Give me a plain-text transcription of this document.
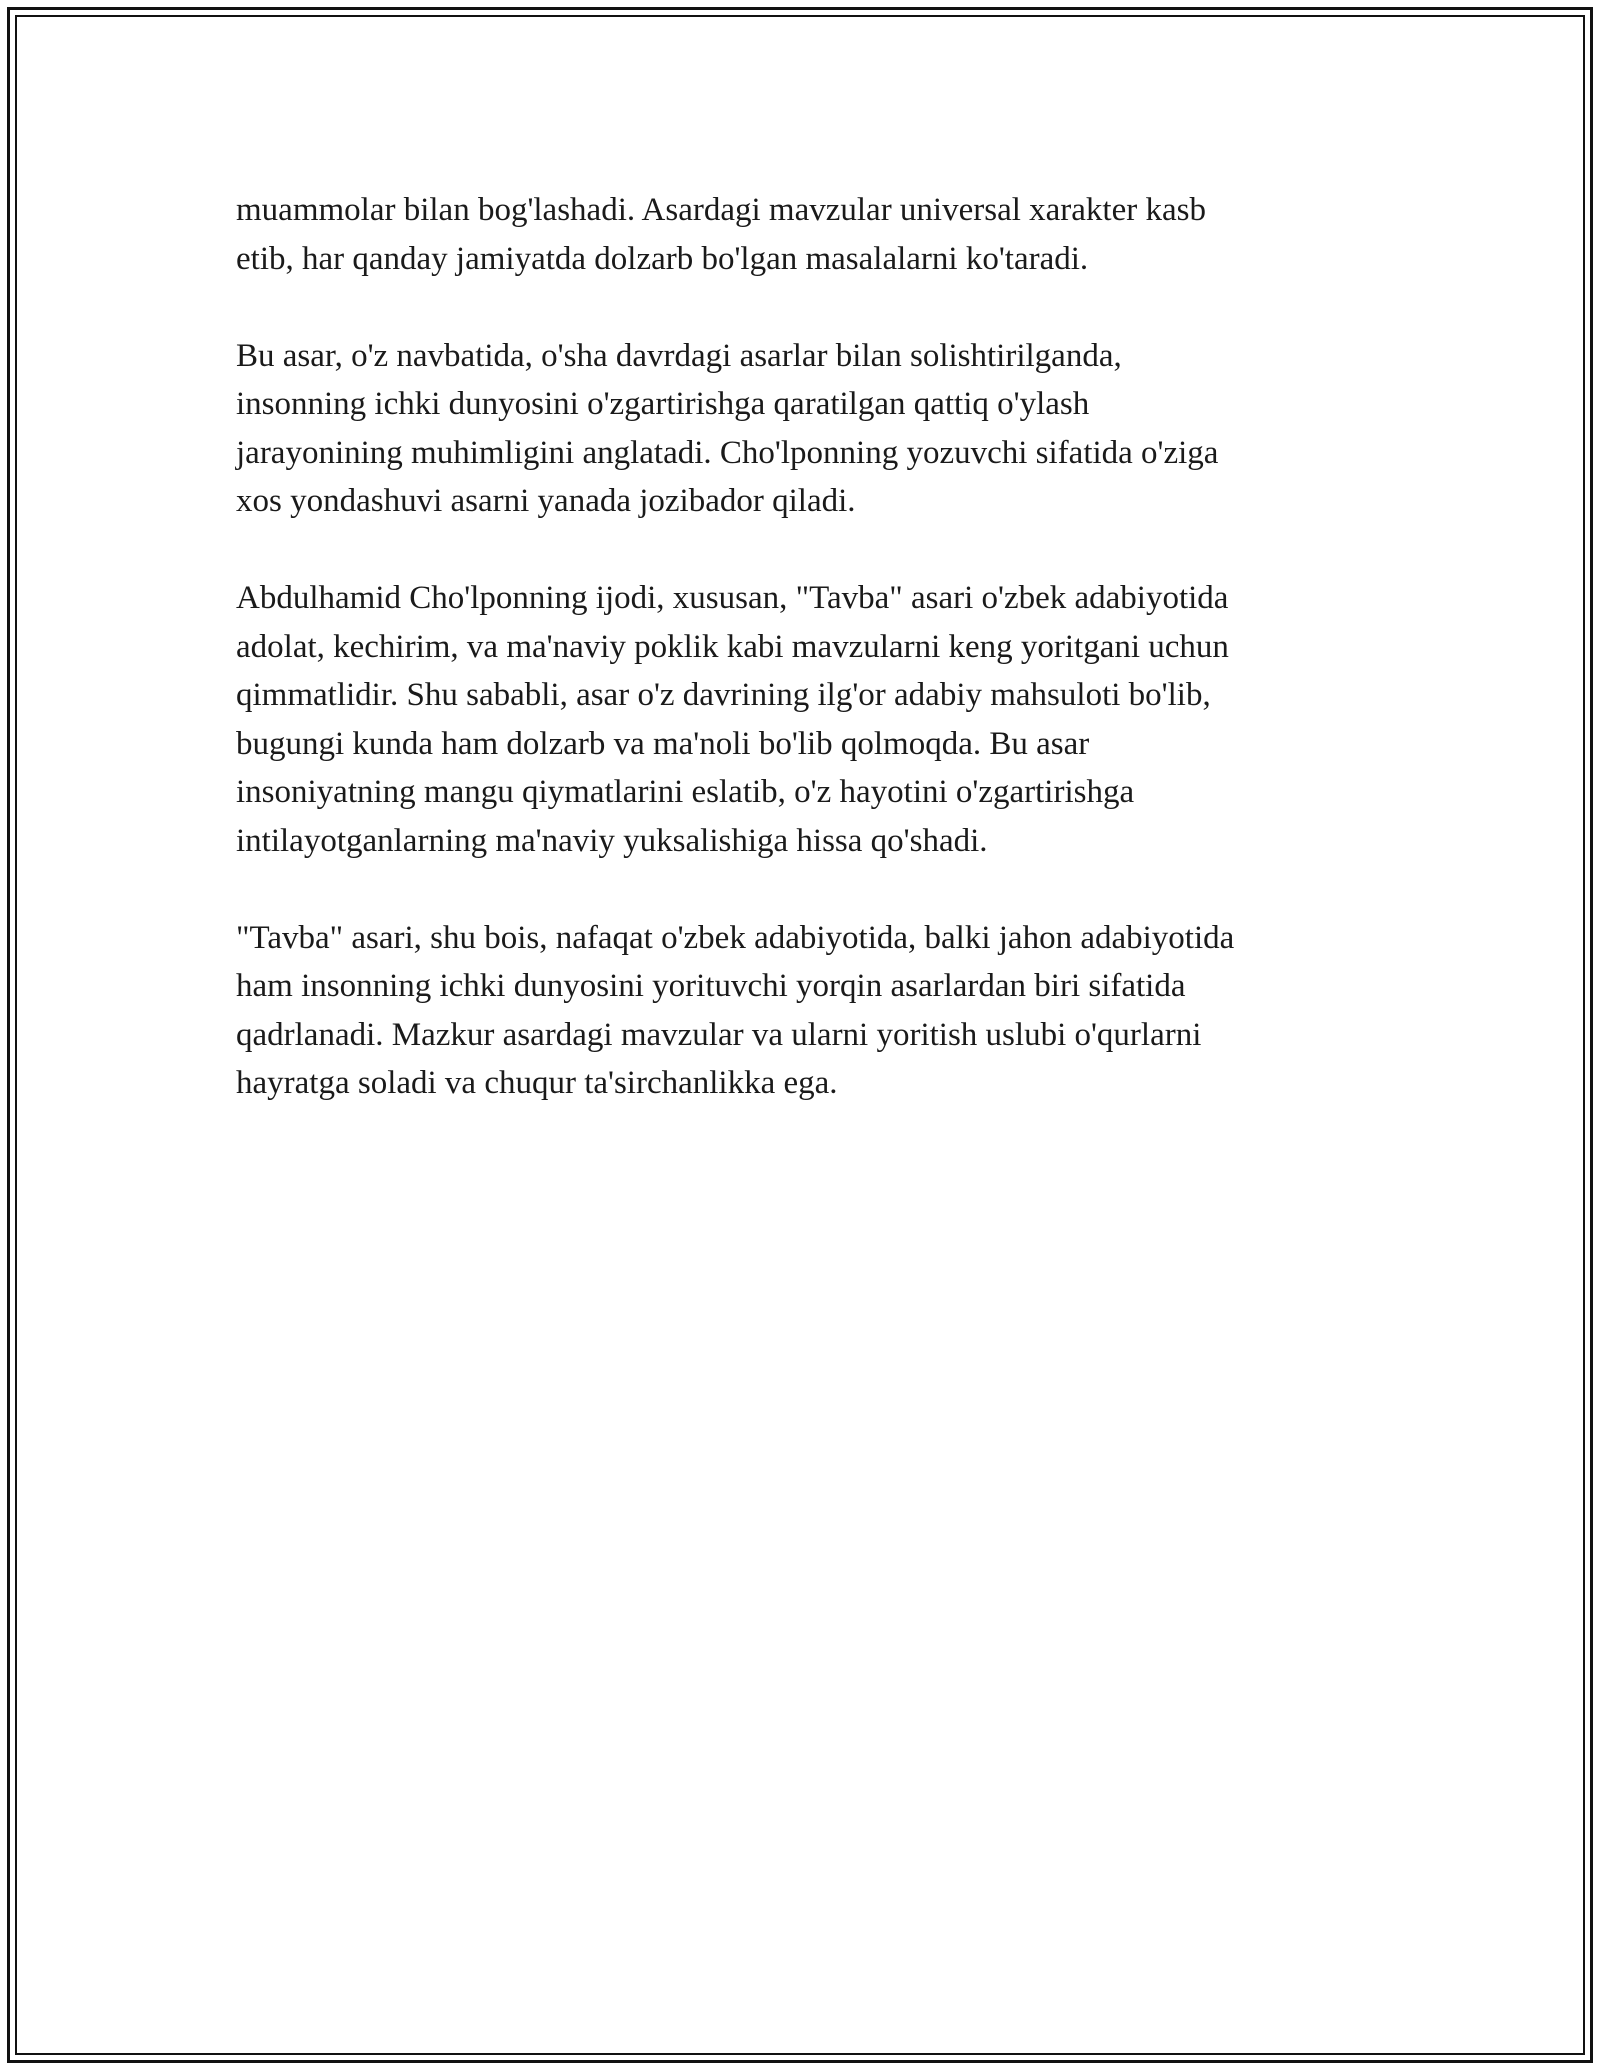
muammolar bilan bog'lashadi. Asardagi mavzular universal xarakter kasb
etib, har qanday jamiyatda dolzarb bo'lgan masalalarni ko'taradi.

Bu asar, o'z navbatida, o'sha davrdagi asarlar bilan solishtirilganda,
insonning ichki dunyosini o'zgartirishga qaratilgan qattiq o'ylash
jarayonining muhimligini anglatadi. Cho'lponning yozuvchi sifatida o'ziga
xos yondashuvi asarni yanada jozibador qiladi.

Abdulhamid Cho'lponning ijodi, xususan, "Tavba" asari o'zbek adabiyotida
adolat, kechirim, va ma'naviy poklik kabi mavzularni keng yoritgani uchun
qimmatlidir. Shu sababli, asar o'z davrining ilg'or adabiy mahsuloti bo'lib,
bugungi kunda ham dolzarb va ma'noli bo'lib qolmoqda. Bu asar
insoniyatning mangu qiymatlarini eslatib, o'z hayotini o'zgartirishga
intilayotganlarning ma'naviy yuksalishiga hissa qo'shadi.

"Tavba" asari, shu bois, nafaqat o'zbek adabiyotida, balki jahon adabiyotida
ham insonning ichki dunyosini yorituvchi yorqin asarlardan biri sifatida
qadrlanadi. Mazkur asardagi mavzular va ularni yoritish uslubi o'qurlarni
hayratga soladi va chuqur ta'sirchanlikka ega.
